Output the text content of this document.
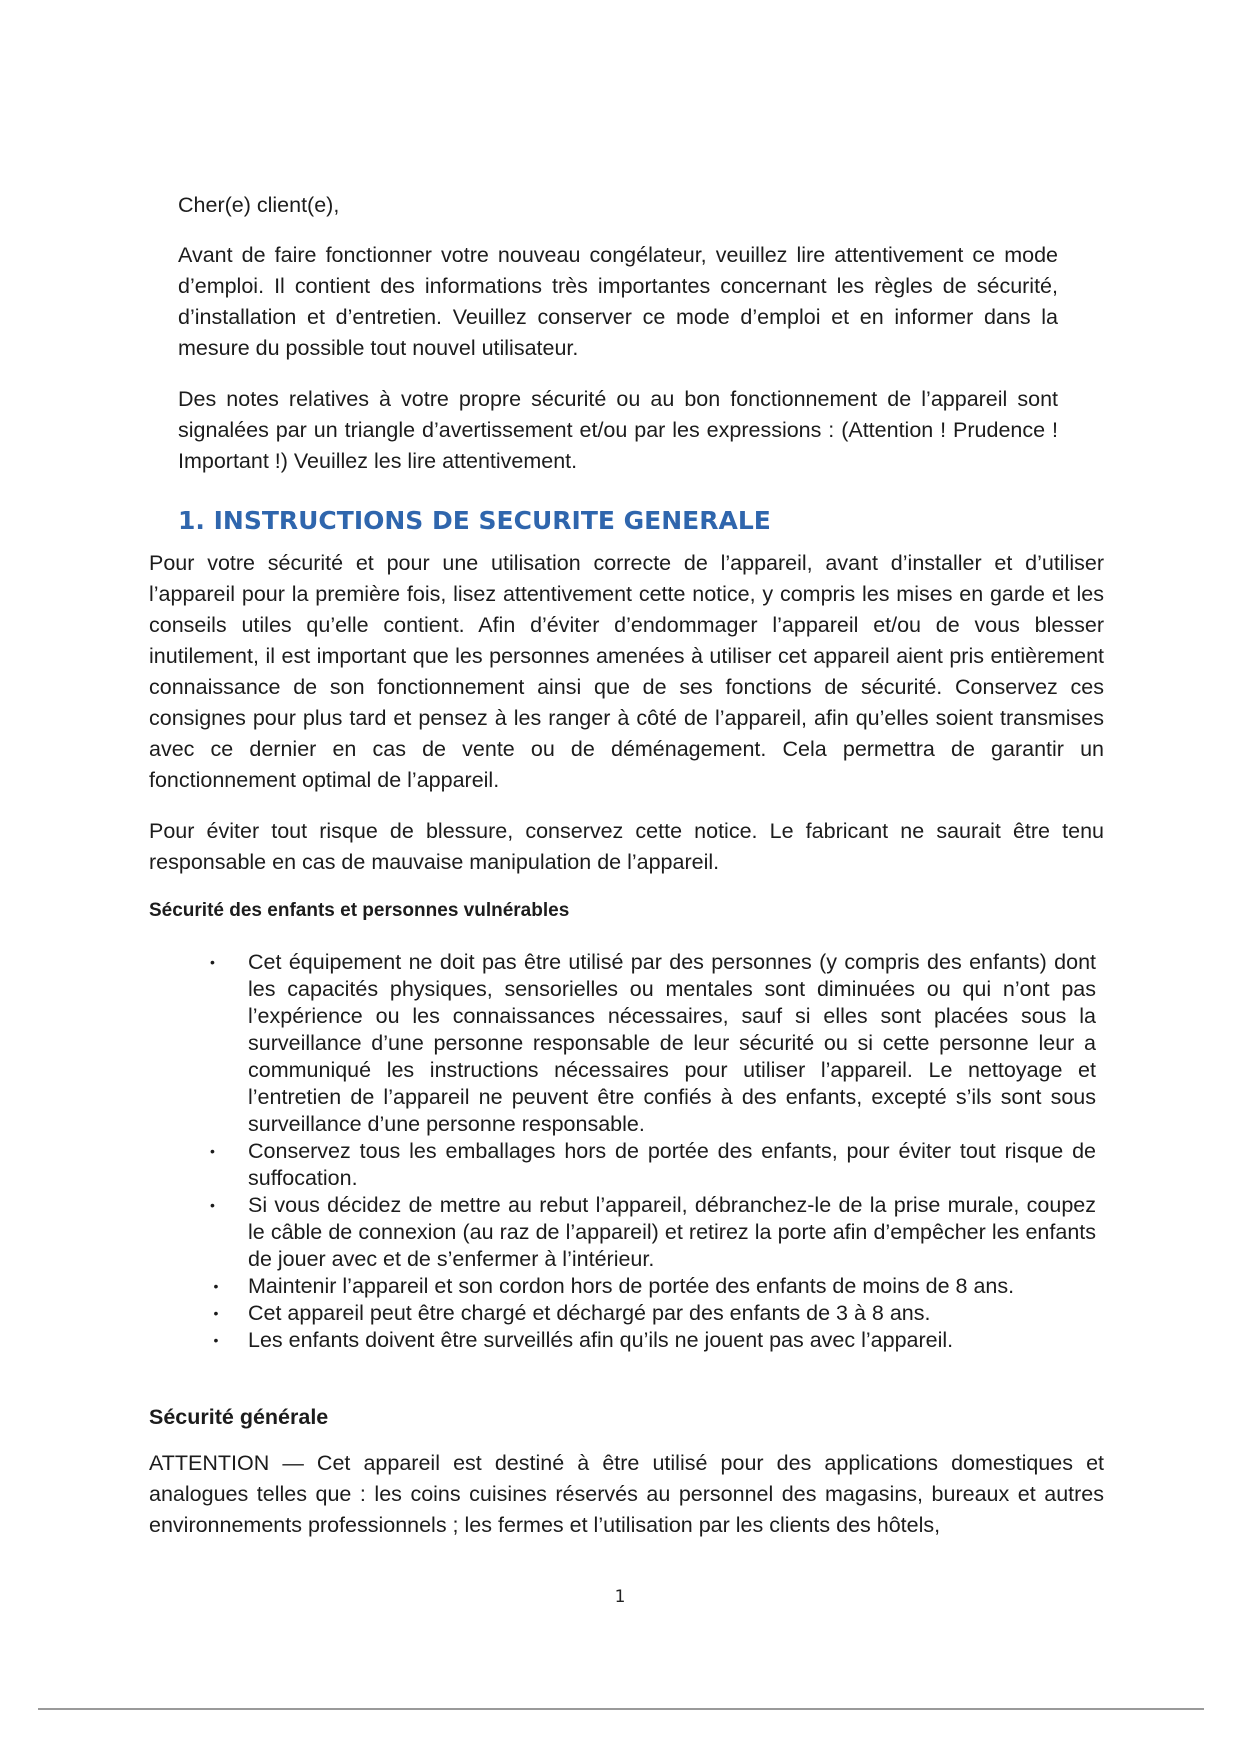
Cher(e) client(e),

Avant de faire fonctionner votre nouveau congélateur, veuillez lire attentivement ce mode d’emploi. Il contient des informations très importantes concernant les règles de sécurité, d’installation et d’entretien. Veuillez conserver ce mode d’emploi et en informer dans la mesure du possible tout nouvel utilisateur.

Des notes relatives à votre propre sécurité ou au bon fonctionnement de l’appareil sont signalées par un triangle d’avertissement et/ou par les expressions : (Attention ! Prudence ! Important !) Veuillez les lire attentivement.

1. INSTRUCTIONS DE SECURITE GENERALE

Pour votre sécurité et pour une utilisation correcte de l’appareil, avant d’installer et d’utiliser l’appareil pour la première fois, lisez attentivement cette notice, y compris les mises en garde et les conseils utiles qu’elle contient. Afin d’éviter d’endommager l’appareil et/ou de vous blesser inutilement, il est important que les personnes amenées à utiliser cet appareil aient pris entièrement connaissance de son fonctionnement ainsi que de ses fonctions de sécurité. Conservez ces consignes pour plus tard et pensez à les ranger à côté de l’appareil, afin qu’elles soient transmises avec ce dernier en cas de vente ou de déménagement. Cela permettra de garantir un fonctionnement optimal de l’appareil.

Pour éviter tout risque de blessure, conservez cette notice. Le fabricant ne saurait être tenu responsable en cas de mauvaise manipulation de l’appareil.

Sécurité des enfants et personnes vulnérables
•	Cet équipement ne doit pas être utilisé par des personnes (y compris des enfants) dont les capacités physiques, sensorielles ou mentales sont diminuées ou qui n’ont pas l’expérience ou les connaissances nécessaires, sauf si elles sont placées sous la surveillance d’une personne responsable de leur sécurité ou si cette personne leur a communiqué les instructions nécessaires pour utiliser l’appareil. Le nettoyage et l’entretien de l’appareil ne peuvent être confiés à des enfants, excepté s’ils sont sous surveillance d’une personne responsable.
•	Conservez tous les emballages hors de portée des enfants, pour éviter tout risque de suffocation.
•	Si vous décidez de mettre au rebut l’appareil, débranchez-le de la prise murale, coupez le câble de connexion (au raz de l’appareil) et retirez la porte afin d’empêcher les enfants de jouer avec et de s’enfermer à l’intérieur.
• Maintenir l’appareil et son cordon hors de portée des enfants de moins de 8 ans.
• Cet appareil peut être chargé et déchargé par des enfants de 3 à 8 ans.
• Les enfants doivent être surveillés afin qu’ils ne jouent pas avec l’appareil.
Sécurité générale

ATTENTION — Cet appareil est destiné à être utilisé pour des applications domestiques et analogues telles que : les coins cuisines réservés au personnel des magasins, bureaux et autres environnements professionnels ; les fermes et l’utilisation par les clients des hôtels,

1
